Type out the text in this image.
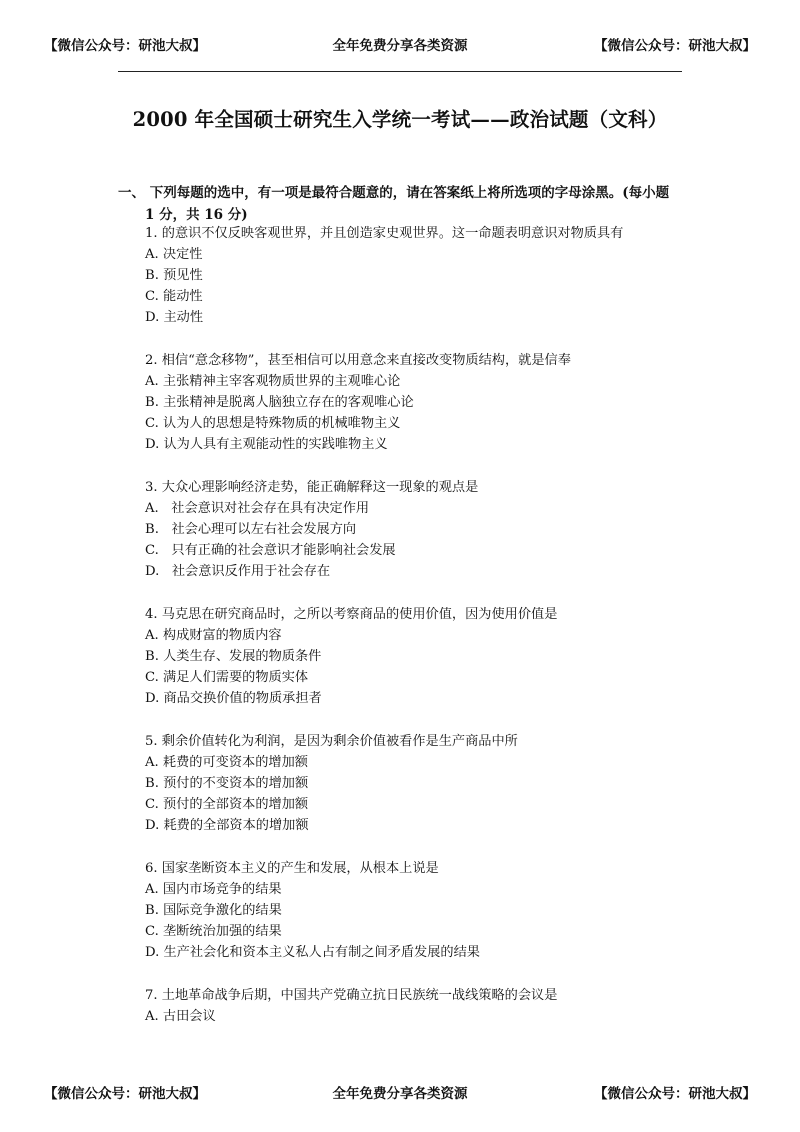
【微信公众号：研池大叔】	全年免费分享各类资源	【微信公众号：研池大叔】
2000 年全国硕士研究生入学统一考试——政治试题（文科）
一、 下列每题的选中，有一项是最符合题意的，请在答案纸上将所选项的字母涂黑。(每小题
1 分，共 16 分)
1. 的意识不仅反映客观世界，并且创造家史观世界。这一命题表明意识对物质具有
A. 决定性
B. 预见性
C. 能动性
D. 主动性
2. 相信“意念移物”，甚至相信可以用意念来直接改变物质结构，就是信奉
A. 主张精神主宰客观物质世界的主观唯心论
B. 主张精神是脱离人脑独立存在的客观唯心论
C. 认为人的思想是特殊物质的机械唯物主义
D. 认为人具有主观能动性的实践唯物主义
3. 大众心理影响经济走势，能正确解释这一现象的观点是
A.   社会意识对社会存在具有决定作用
B.   社会心理可以左右社会发展方向
C.   只有正确的社会意识才能影响社会发展
D.   社会意识反作用于社会存在
4. 马克思在研究商品时，之所以考察商品的使用价值，因为使用价值是
A. 构成财富的物质内容
B. 人类生存、发展的物质条件
C. 满足人们需要的物质实体
D. 商品交换价值的物质承担者
5. 剩余价值转化为利润，是因为剩余价值被看作是生产商品中所
A. 耗费的可变资本的增加额
B. 预付的不变资本的增加额
C. 预付的全部资本的增加额
D. 耗费的全部资本的增加额
6. 国家垄断资本主义的产生和发展，从根本上说是
A. 国内市场竞争的结果
B. 国际竞争激化的结果
C. 垄断统治加强的结果
D. 生产社会化和资本主义私人占有制之间矛盾发展的结果
7. 土地革命战争后期，中国共产党确立抗日民族统一战线策略的会议是
A. 古田会议
【微信公众号：研池大叔】	全年免费分享各类资源	【微信公众号：研池大叔】
